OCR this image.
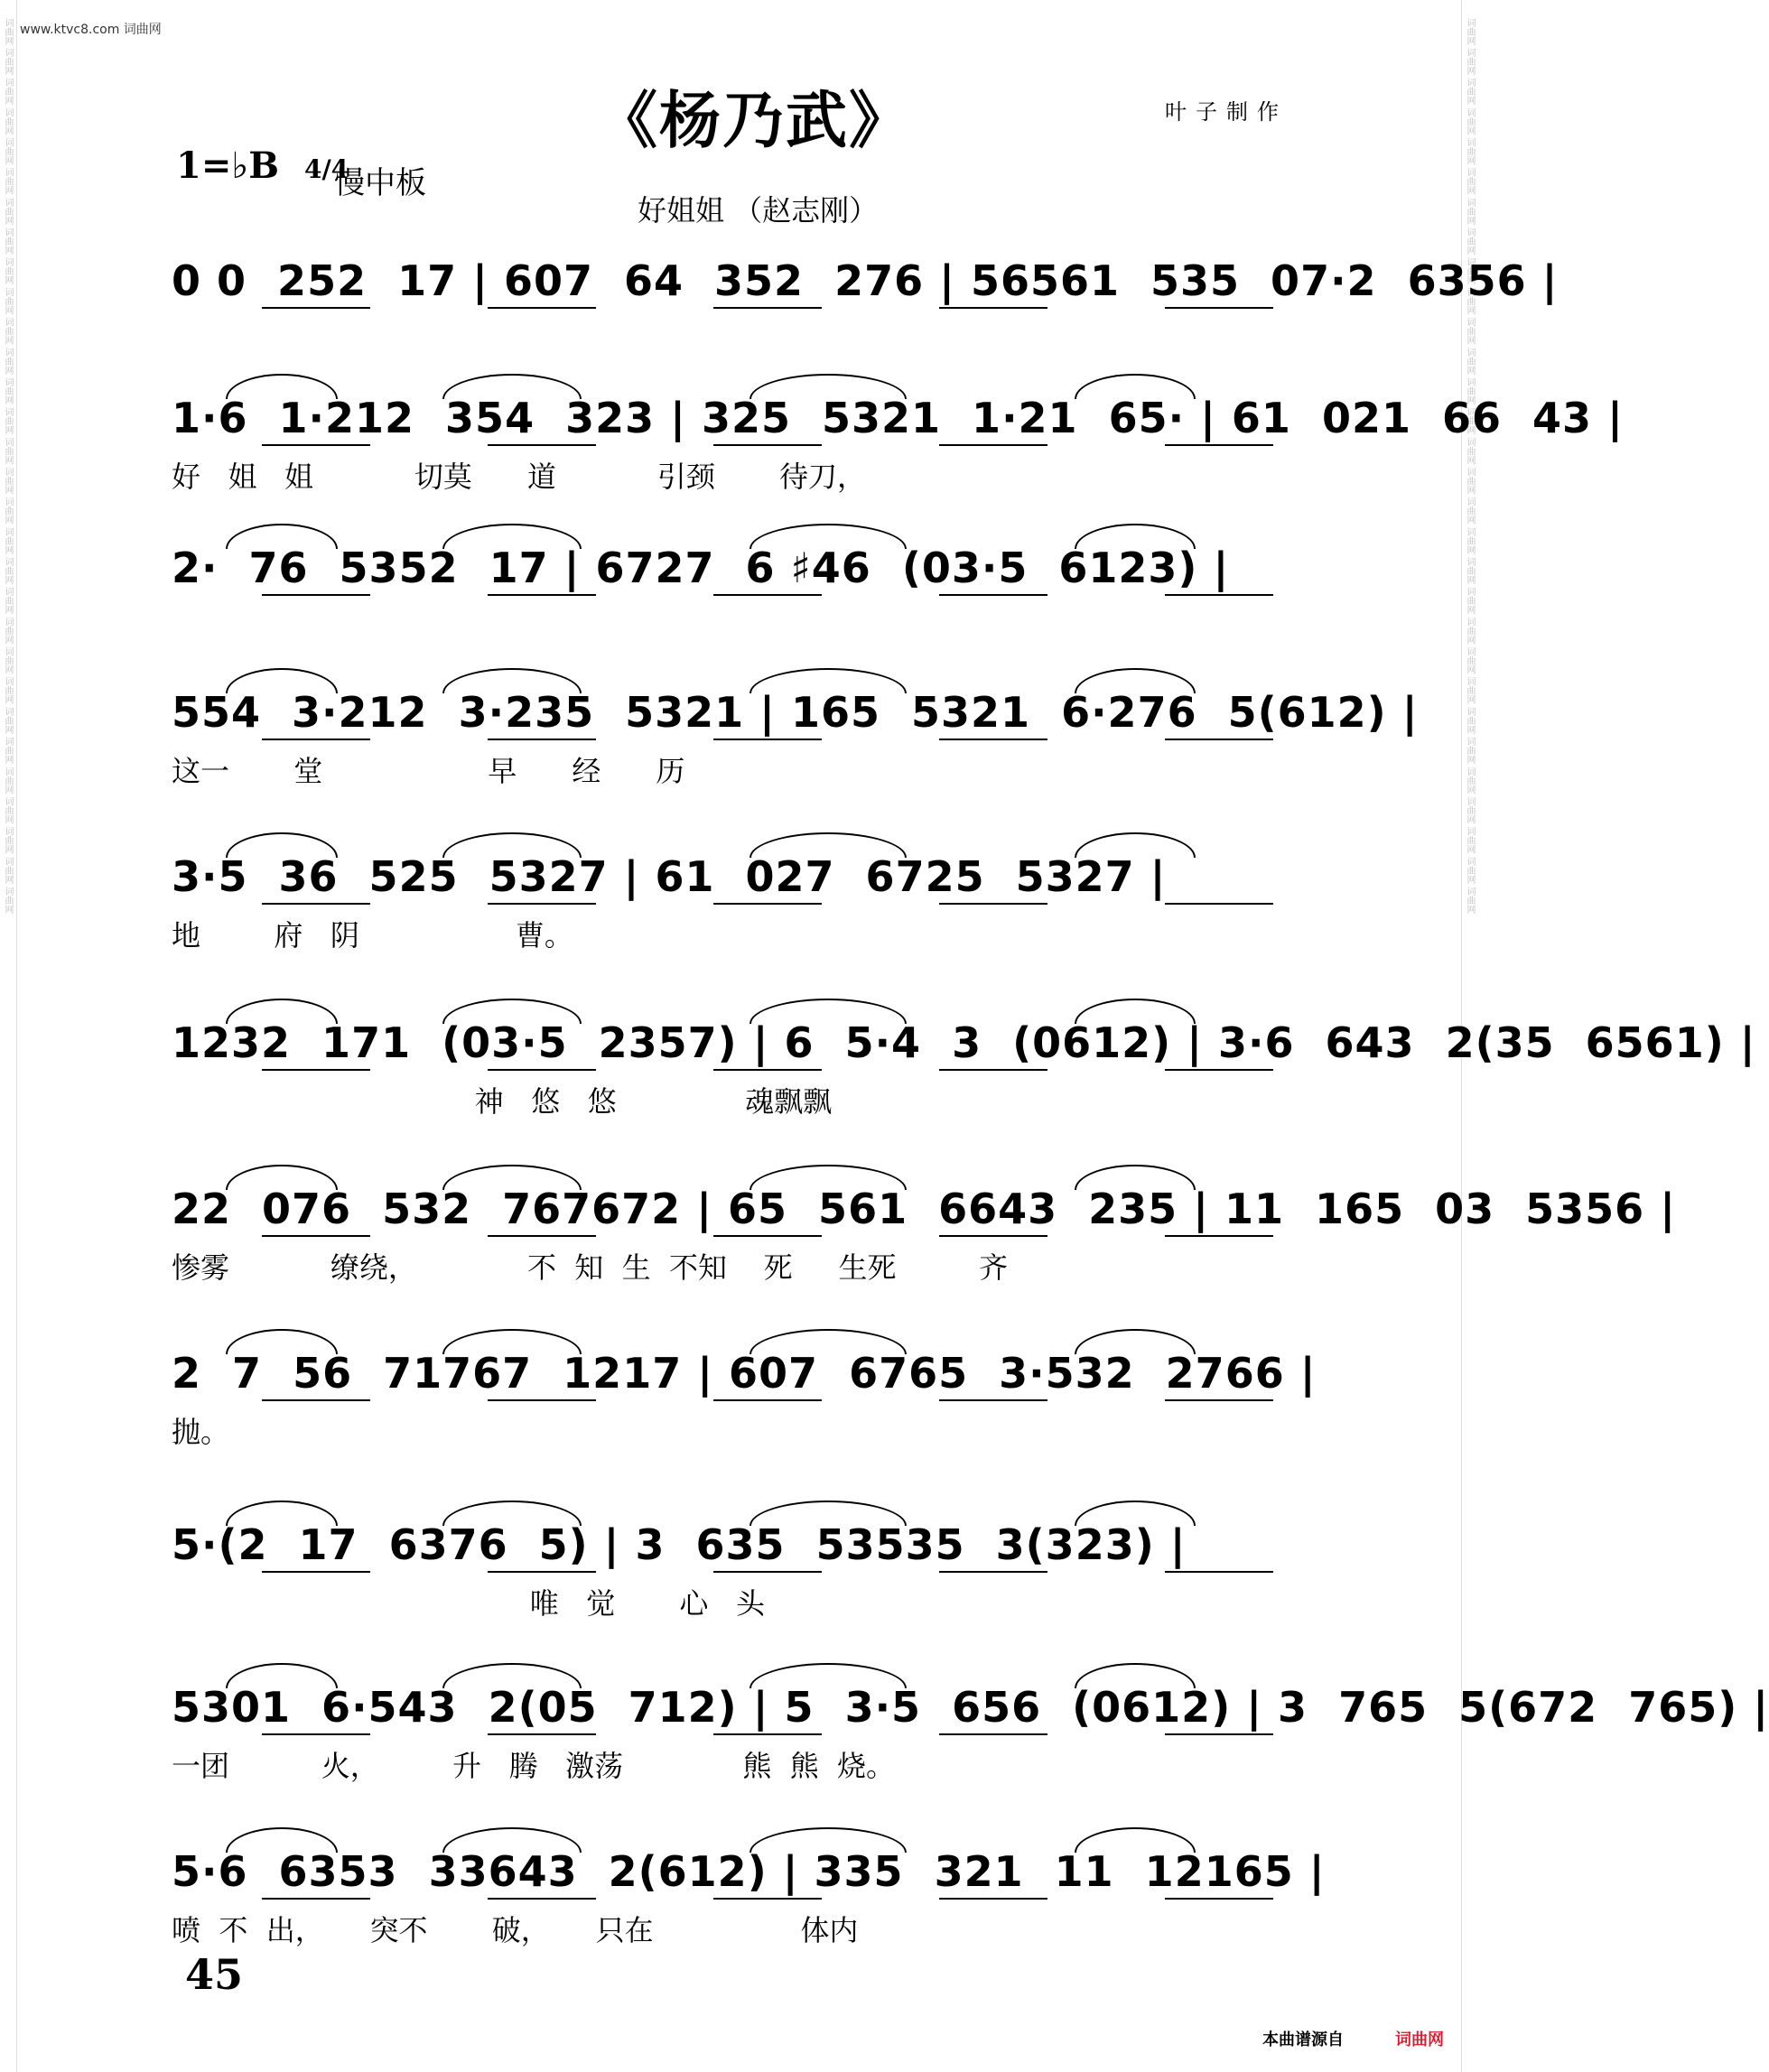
词曲网 词曲网 词曲网 词曲网 词曲网 词曲网 词曲网 词曲网 词曲网 词曲网 词曲网 词曲网 词曲网 词曲网 词曲网 词曲网 词曲网 词曲网 词曲网 词曲网 词曲网 词曲网 词曲网 词曲网 词曲网 词曲网 词曲网 词曲网 词曲网 词曲网	词曲网 词曲网 词曲网 词曲网 词曲网 词曲网 词曲网 词曲网 词曲网 词曲网 词曲网 词曲网 词曲网 词曲网 词曲网 词曲网 词曲网 词曲网 词曲网 词曲网 词曲网 词曲网 词曲网 词曲网 词曲网 词曲网 词曲网 词曲网 词曲网 词曲网
www.ktvc8.com 词曲网
《杨乃武》	叶子制作
1=♭B 4/4
慢中板
好姐姐 （赵志刚）
0 0  252  17 | 607  64  352  276 | 56561  535  07·2  6356 |
1·6  1·212  354  323 | 325  5321  1·21  65· | 61  021  66  43 |
好   姐   姐           切莫      道           引颈       待刀，
2·  76  5352  17 | 6727  6 ♯46  (03·5  6123) |
554  3·212  3·235  5321 | 165  5321  6·276  5(612) |
这一       堂                  早      经      历
3·5  36  525  5327 | 61  027  6725  5327 |
地        府   阴                 曹。
1232  171  (03·5  2357) | 6  5·4  3  (0612) | 3·6  643  2(35  6561) |
神   悠   悠              魂飘飘
22  076  532  767672 | 65  561  6643  235 | 11  165  03  5356 |
惨雾           缭绕，            不  知  生  不知    死     生死         齐
2  7  56  71767  1217 | 607  6765  3·532  2766 |
抛。
5·(2  17  6376  5) | 3  635  53535  3(323) |
唯   觉       心   头
5301  6·543  2(05  712) | 5  3·5  656  (0612) | 3  765  5(672  765) |
一团          火，        升   腾   激荡             熊  熊  烧。
5·6  6353  33643  2(612) | 335  321  11  12165 |
喷  不  出，     突不       破，     只在                体内
45
本曲谱源自	词曲网
